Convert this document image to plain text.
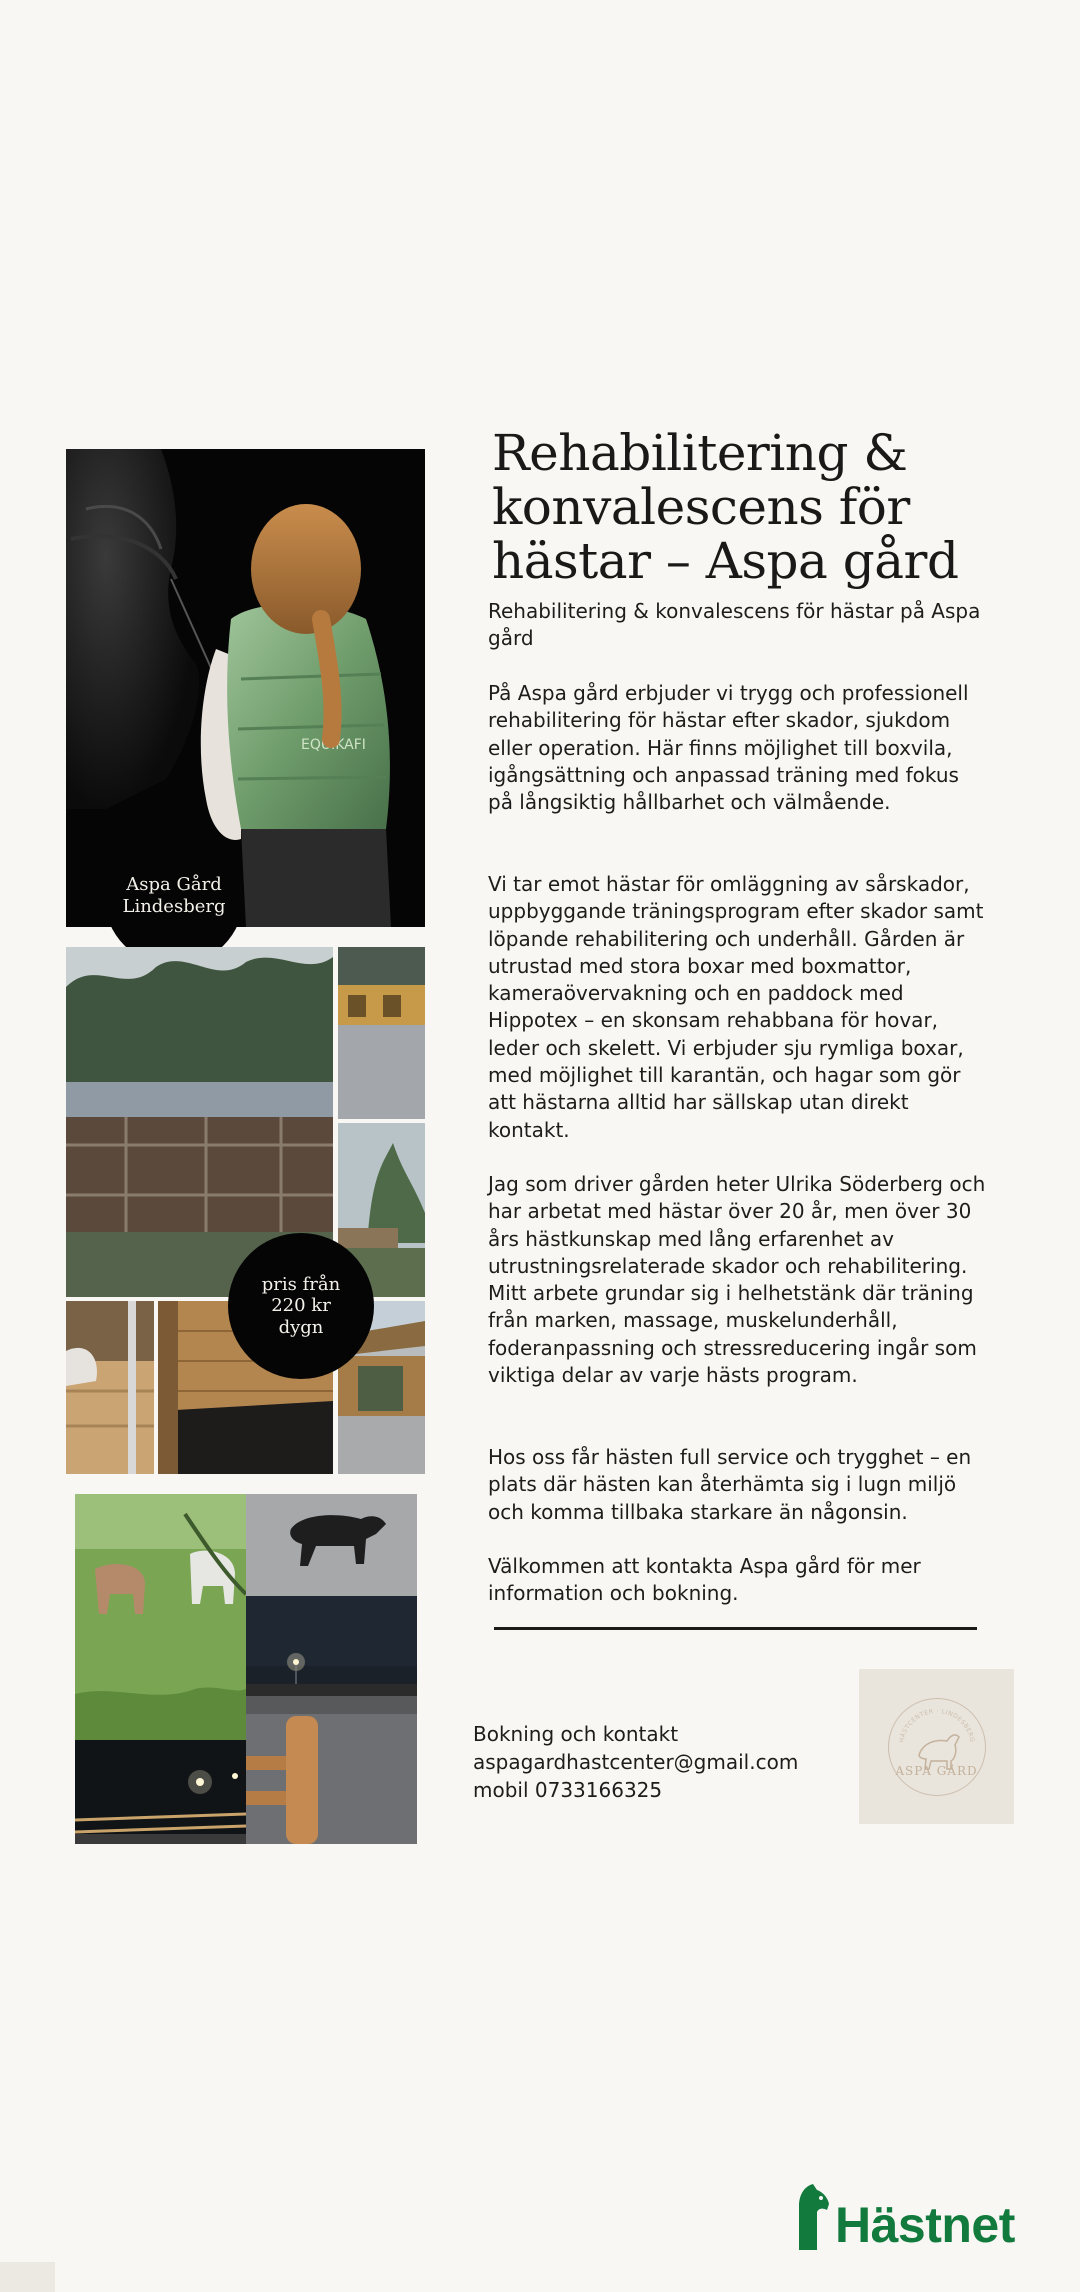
EQUIKAFI
Aspa Gård
Lindesberg
pris från
220 kr
dygn
Rehabilitering & konvalescens för hästar – Aspa gård

Rehabilitering & konvalescens för hästar på Aspa gård

På Aspa gård erbjuder vi trygg och professionell rehabilitering för hästar efter skador, sjukdom eller operation. Här finns möjlighet till boxvila, igångsättning och anpassad träning med fokus på långsiktig hållbarhet och välmående.

Vi tar emot hästar för omläggning av sårskador, uppbyggande träningsprogram efter skador samt löpande rehabilitering och underhåll. Gården är utrustad med stora boxar med boxmattor, kameraövervakning och en paddock med Hippotex – en skonsam rehabbana för hovar, leder och skelett. Vi erbjuder sju rymliga boxar, med möjlighet till karantän, och hagar som gör att hästarna alltid har sällskap utan direkt kontakt.

Jag som driver gården heter Ulrika Söderberg och har arbetat med hästar över 20 år, men över 30 års hästkunskap med lång erfarenhet av utrustningsrelaterade skador och rehabilitering. Mitt arbete grundar sig i helhetstänk där träning från marken, massage, muskelunderhåll, foderanpassning och stressreducering ingår som viktiga delar av varje hästs program.

Hos oss får hästen full service och trygghet – en plats där hästen kan återhämta sig i lugn miljö och komma tillbaka starkare än någonsin.

Välkommen att kontakta Aspa gård för mer information och bokning.

Bokning och kontakt
aspagardhastcenter@gmail.com
mobil 0733166325
HÄSTCENTER · LINDESBERG
ASPA GÅRD
Hästnet
